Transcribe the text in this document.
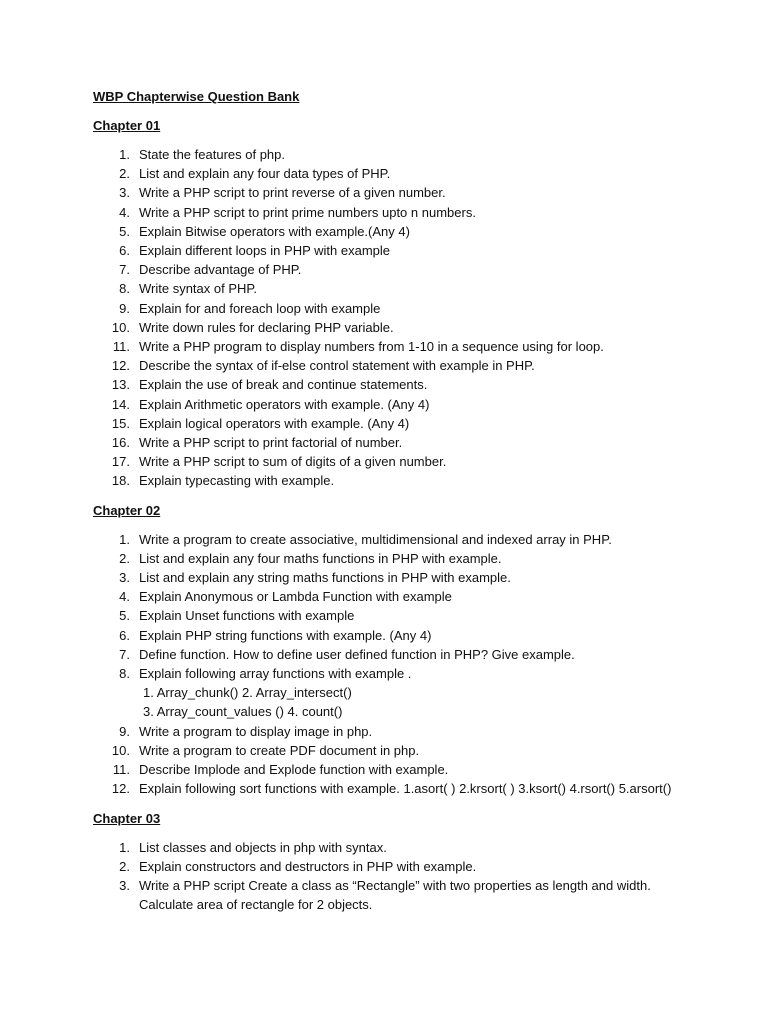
WBP Chapterwise Question Bank

Chapter 01

1. State the features of php.
2. List and explain any four data types of PHP.
3. Write a PHP script to print reverse of a given number.
4. Write a PHP script to print prime numbers upto n numbers.
5. Explain Bitwise operators with example.(Any 4)
6. Explain different loops in PHP with example
7. Describe advantage of PHP.
8. Write syntax of PHP.
9. Explain for and foreach loop with example
10. Write down rules for declaring PHP variable.
11. Write a PHP program to display numbers from 1-10 in a sequence using for loop.
12. Describe the syntax of if-else control statement with example in PHP.
13. Explain the use of break and continue statements.
14. Explain Arithmetic operators with example. (Any 4)
15. Explain logical operators with example. (Any 4)
16. Write a PHP script to print factorial of number.
17. Write a PHP script to sum of digits of a given number.
18. Explain typecasting with example.

Chapter 02

1. Write a program to create associative, multidimensional and indexed array in PHP.
2. List and explain any four maths functions in PHP with example.
3. List and explain any string maths functions in PHP with example.
4. Explain Anonymous or Lambda Function with example
5. Explain Unset functions with example
6. Explain PHP string functions with example. (Any 4)
7. Define function. How to define user defined function in PHP? Give example.
8. Explain following array functions with example .
1. Array_chunk() 2. Array_intersect()
3. Array_count_values () 4. count()
9. Write a program to display image in php.
10. Write a program to create PDF document in php.
11. Describe Implode and Explode function with example.
12. Explain following sort functions with example. 1.asort( ) 2.krsort( ) 3.ksort() 4.rsort() 5.arsort()

Chapter 03

1. List classes and objects in php with syntax.
2. Explain constructors and destructors in PHP with example.
3. Write a PHP script Create a class as “Rectangle” with two properties as length and width. Calculate area of rectangle for 2 objects.
